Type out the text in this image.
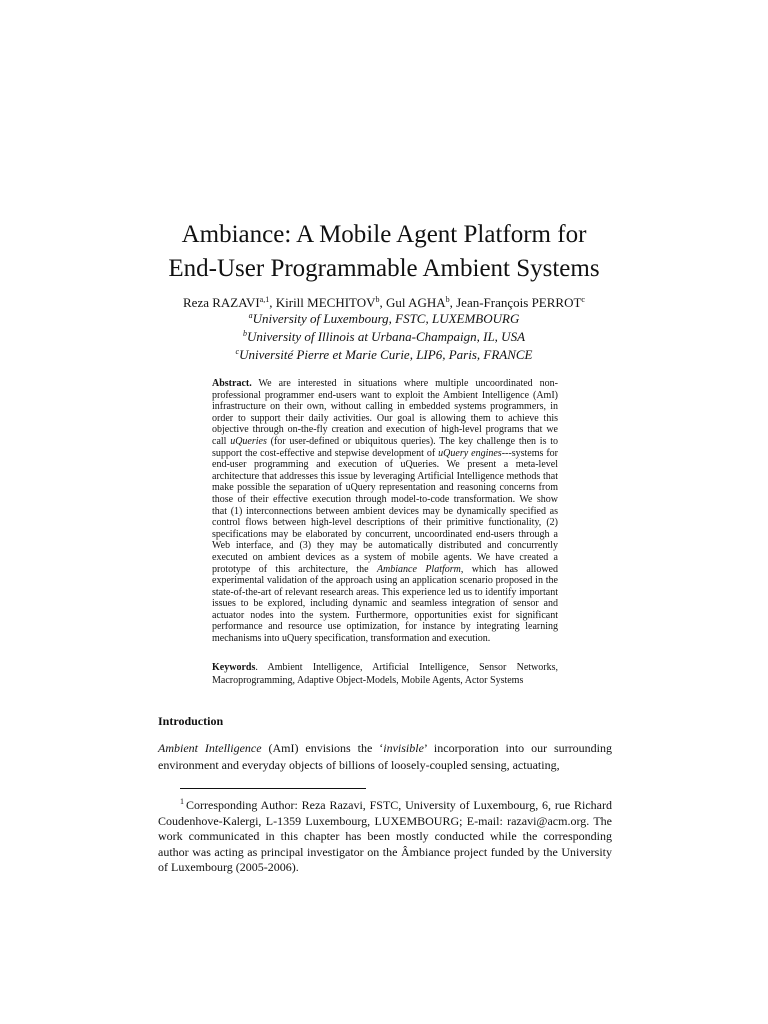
Ambiance: A Mobile Agent Platform for
End-User Programmable Ambient Systems
Reza RAZAVI$^{a,1}$, Kirill MECHITOV$^b$, Gul AGHA$^b$, Jean-François PERROT$^c$
$^a$University of Luxembourg, FSTC, LUXEMBOURG
$^b$University of Illinois at Urbana-Champaign, IL, USA
$^c$Université Pierre et Marie Curie, LIP6, Paris, FRANCE
Abstract. We are interested in situations where multiple uncoordinated non-professional programmer end-users want to exploit the Ambient Intelligence (AmI) infrastructure on their own, without calling in embedded systems programmers, in order to support their daily activities. Our goal is allowing them to achieve this objective through on-the-fly creation and execution of high-level programs that we call uQueries (for user-defined or ubiquitous queries). The key challenge then is to support the cost-effective and stepwise development of uQuery engines---systems for end-user programming and execution of uQueries. We present a meta-level architecture that addresses this issue by leveraging Artificial Intelligence methods that make possible the separation of uQuery representation and reasoning concerns from those of their effective execution through model-to-code transformation. We show that (1) interconnections between ambient devices may be dynamically specified as control flows between high-level descriptions of their primitive functionality, (2) specifications may be elaborated by concurrent, uncoordinated end-users through a Web interface, and (3) they may be automatically distributed and concurrently executed on ambient devices as a system of mobile agents. We have created a prototype of this architecture, the Ambiance Platform, which has allowed experimental validation of the approach using an application scenario proposed in the state-of-the-art of relevant research areas. This experience led us to identify important issues to be explored, including dynamic and seamless integration of sensor and actuator nodes into the system. Furthermore, opportunities exist for significant performance and resource use optimization, for instance by integrating learning mechanisms into uQuery specification, transformation and execution.
Keywords. Ambient Intelligence, Artificial Intelligence, Sensor Networks, Macroprogramming, Adaptive Object-Models, Mobile Agents, Actor Systems
Introduction
Ambient Intelligence (AmI) envisions the ‘invisible’ incorporation into our surrounding environment and everyday objects of billions of loosely-coupled sensing, actuating,
$^1$ Corresponding Author: Reza Razavi, FSTC, University of Luxembourg, 6, rue Richard Coudenhove-Kalergi, L-1359 Luxembourg, LUXEMBOURG; E-mail: razavi@acm.org. The work communicated in this chapter has been mostly conducted while the corresponding author was acting as principal investigator on the Âmbiance project funded by the University of Luxembourg (2005-2006).
